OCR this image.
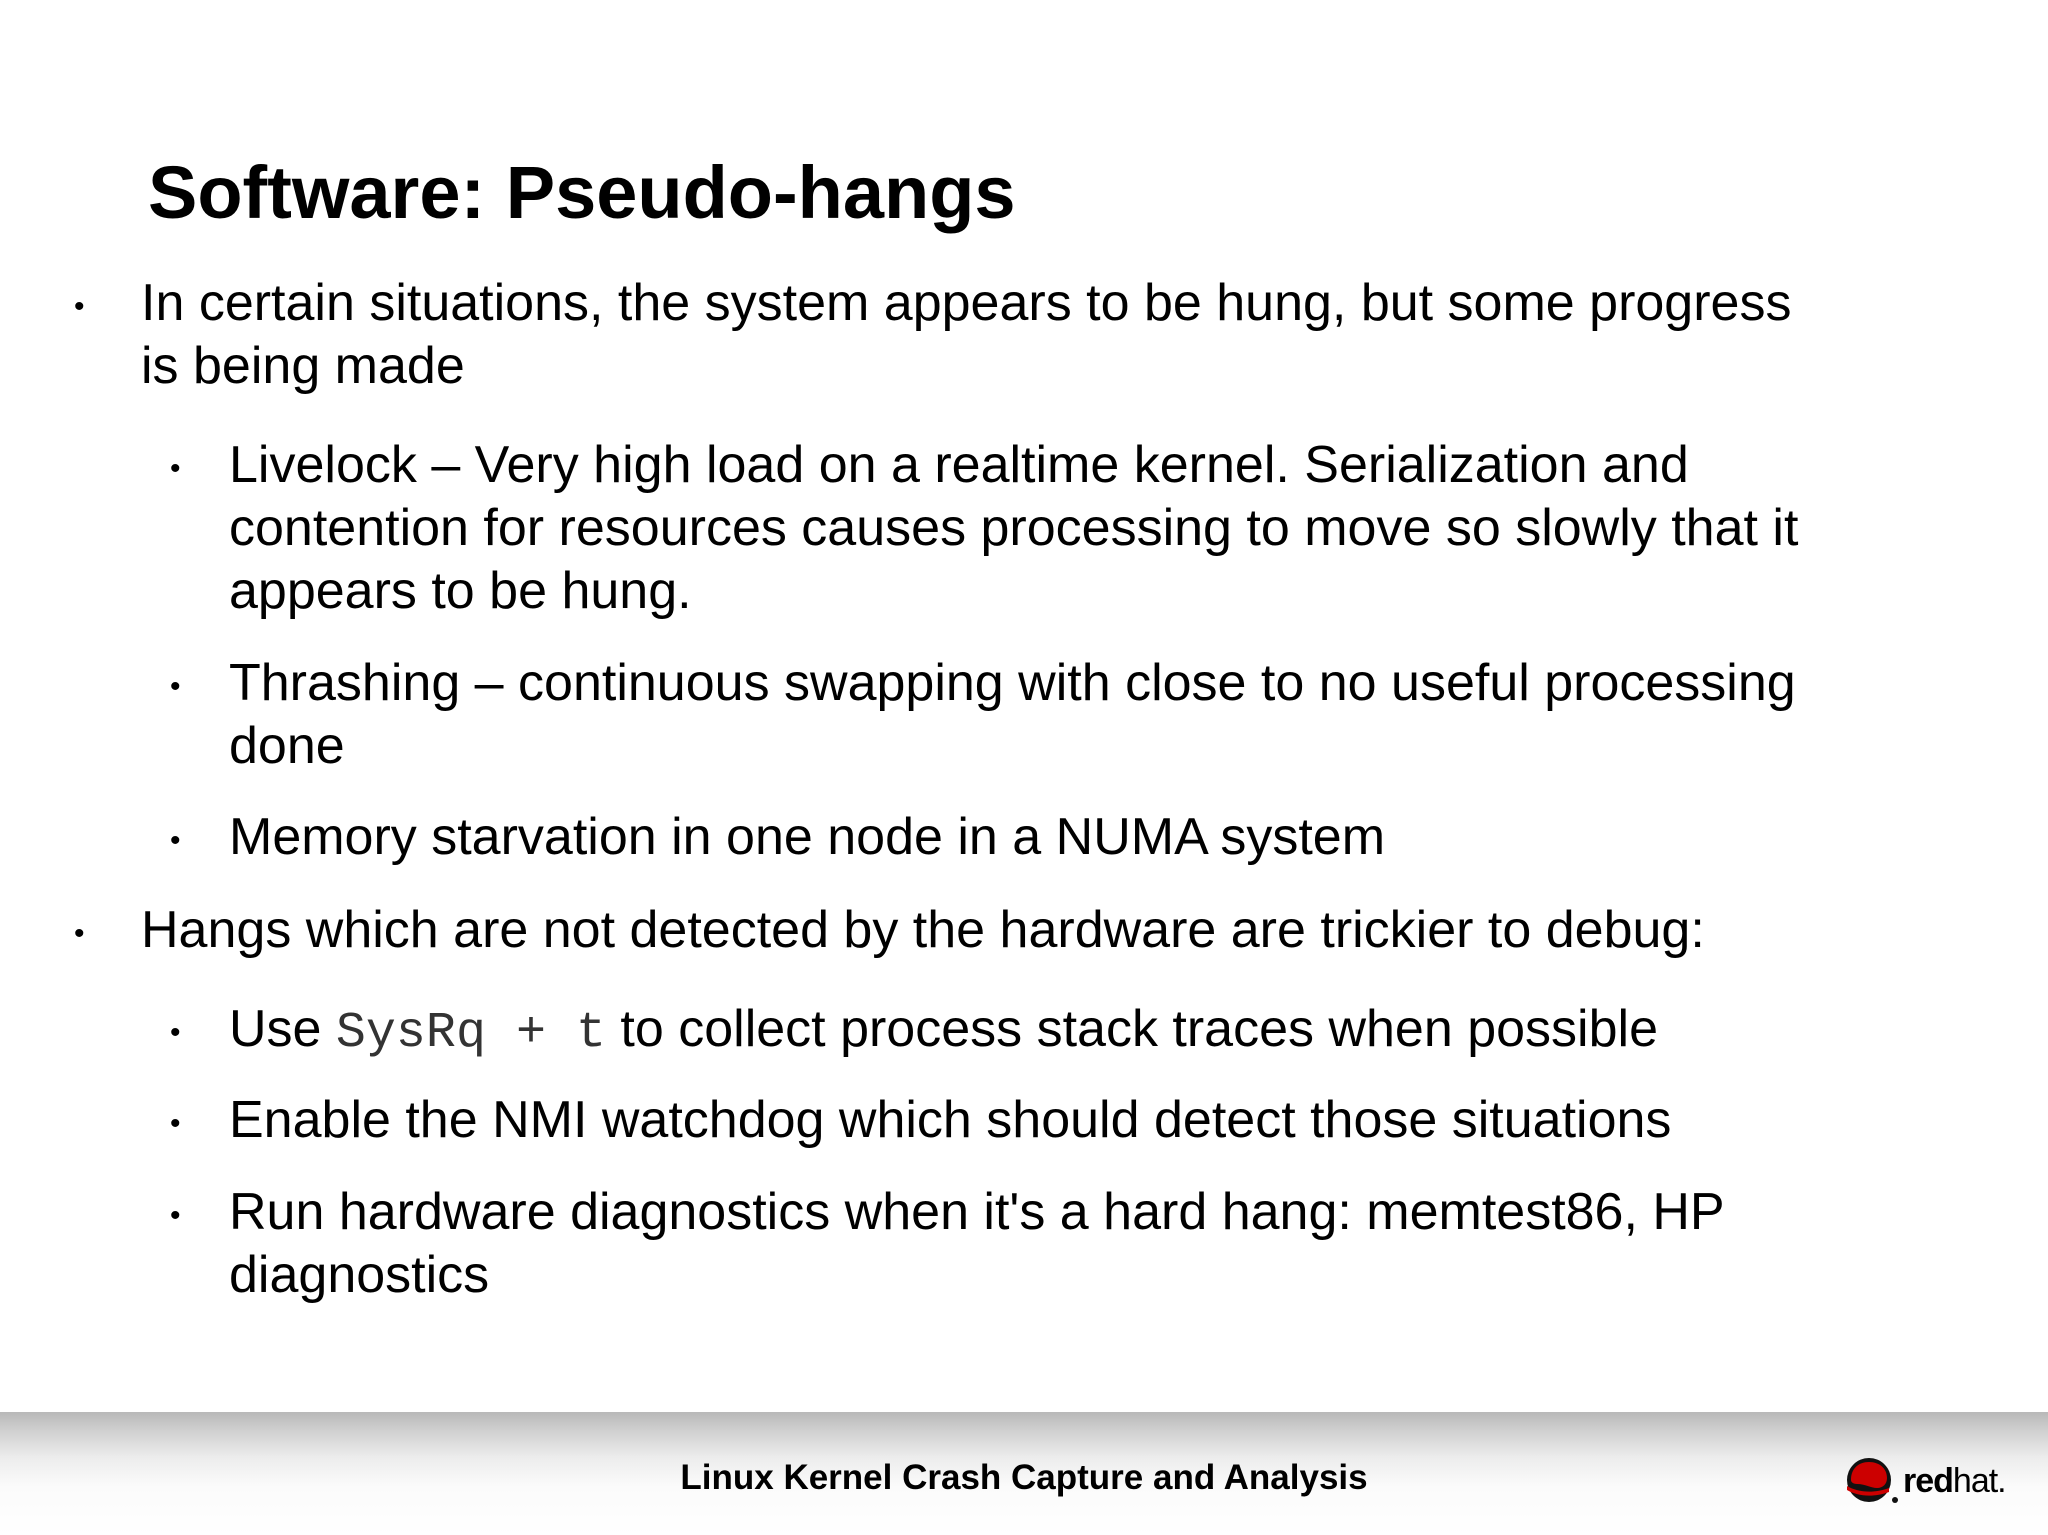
Software: Pseudo-hangs
• In certain situations, the system appears to be hung, but some progress
is being made
• Livelock – Very high load on a realtime kernel. Serialization and
contention for resources causes processing to move so slowly that it
appears to be hung.
• Thrashing – continuous swapping with close to no useful processing
done
• Memory starvation in one node in a NUMA system
• Hangs which are not detected by the hardware are trickier to debug:
• Use SysRq + t to collect process stack traces when possible
• Enable the NMI watchdog which should detect those situations
• Run hardware diagnostics when it's a hard hang: memtest86, HP
diagnostics
Linux Kernel Crash Capture and Analysis	redhat.
